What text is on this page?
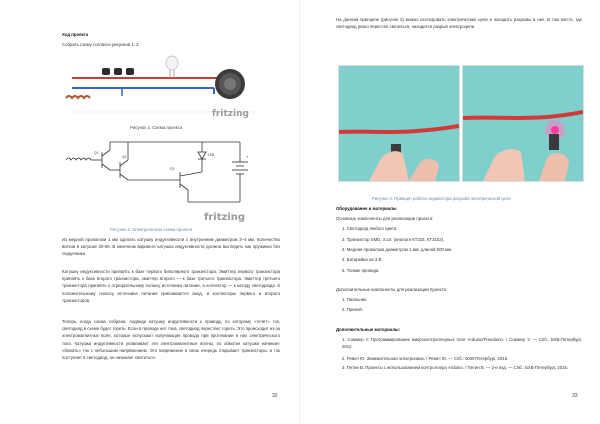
Ход проекта
Собрать схему согласно рисунков 1, 2.
fritzing
Рисунок 1. Схема проекта
Q1
Q2
Q3
LED	+
fritzing
Рисунок 2. Электрическая схема проекта
Из медной проволоки 1 мм сделать катушку индуктивности с внутренним диаметром 3–4 мм. Количество витков в катушке 30-60. В конечном варианте катушка индуктивности должна выглядеть как пружинка без сердечника.
Катушку индуктивности припаять к базе первого биполярного транзистора. Эмиттер первого транзистора припаять к базе второго транзистора, эмиттер второго — к базе третьего транзистора. Эмиттер третьего транзистора припаять к отрицательному полюсу источника питания, а коллектор — к катоду светодиода. К положительному полюсу источника питания припаивается анод, и коллекторы первого и второго транзисторов.
Теперь, когда схема собрана, подведи катушку индуктивности к проводу, по которому «течёт» ток, светодиод в схеме будет гореть. Если в проводе нет тока, светодиод перестает гореть. Это происходит из-за электромагнитных волн, которые испускают излучающие провода при протекании в них электрического тока. Катушка индуктивности улавливает эти электромагнитные волны, по обмотке катушки начинает «бежать» ток с небольшим напряжением. Это напряжение в свою очередь открывает транзисторы, и ток поступает в светодиод, он начинает светиться.
32
На данном принципе (рисунок 3) можно исследовать электрические цепи и находить разрывы в них. В том месте, где светодиод резко перестал светиться, находится разрыв электроцепи.
Рисунок 3. Принцип работы индикатора разрыва электрической цепи
Оборудование и материалы
Основные компоненты для реализации проекта:
1. Светодиод любого цвета.
2. Транзистор SMD, 3 шт. (аналоги КТ315, КТ3102).
3. Медная проволока диаметром 1 мм, длиной 500 мм.
4. Батарейка на 3 В.
5. Тонкие провода.
Дополнительные компоненты для реализации проекта:
1. Паяльник.
2. Припой.
Дополнительные материалы:
1. Соммер У. Программирование микроконтроллерных плат Arduino/Freeduino. / Соммер У. — Спб.: БХВ-Петербург, 2012.
2. Ревич Ю. Занимательная электроника. / Ревич Ю. — Спб.: БХВ-Петербург, 2015.
3. Петин В. Проекты с использованием контроллера Arduino. / Петин В. — 2-е изд. — Спб.: БХВ-Петербург, 2015.
33
